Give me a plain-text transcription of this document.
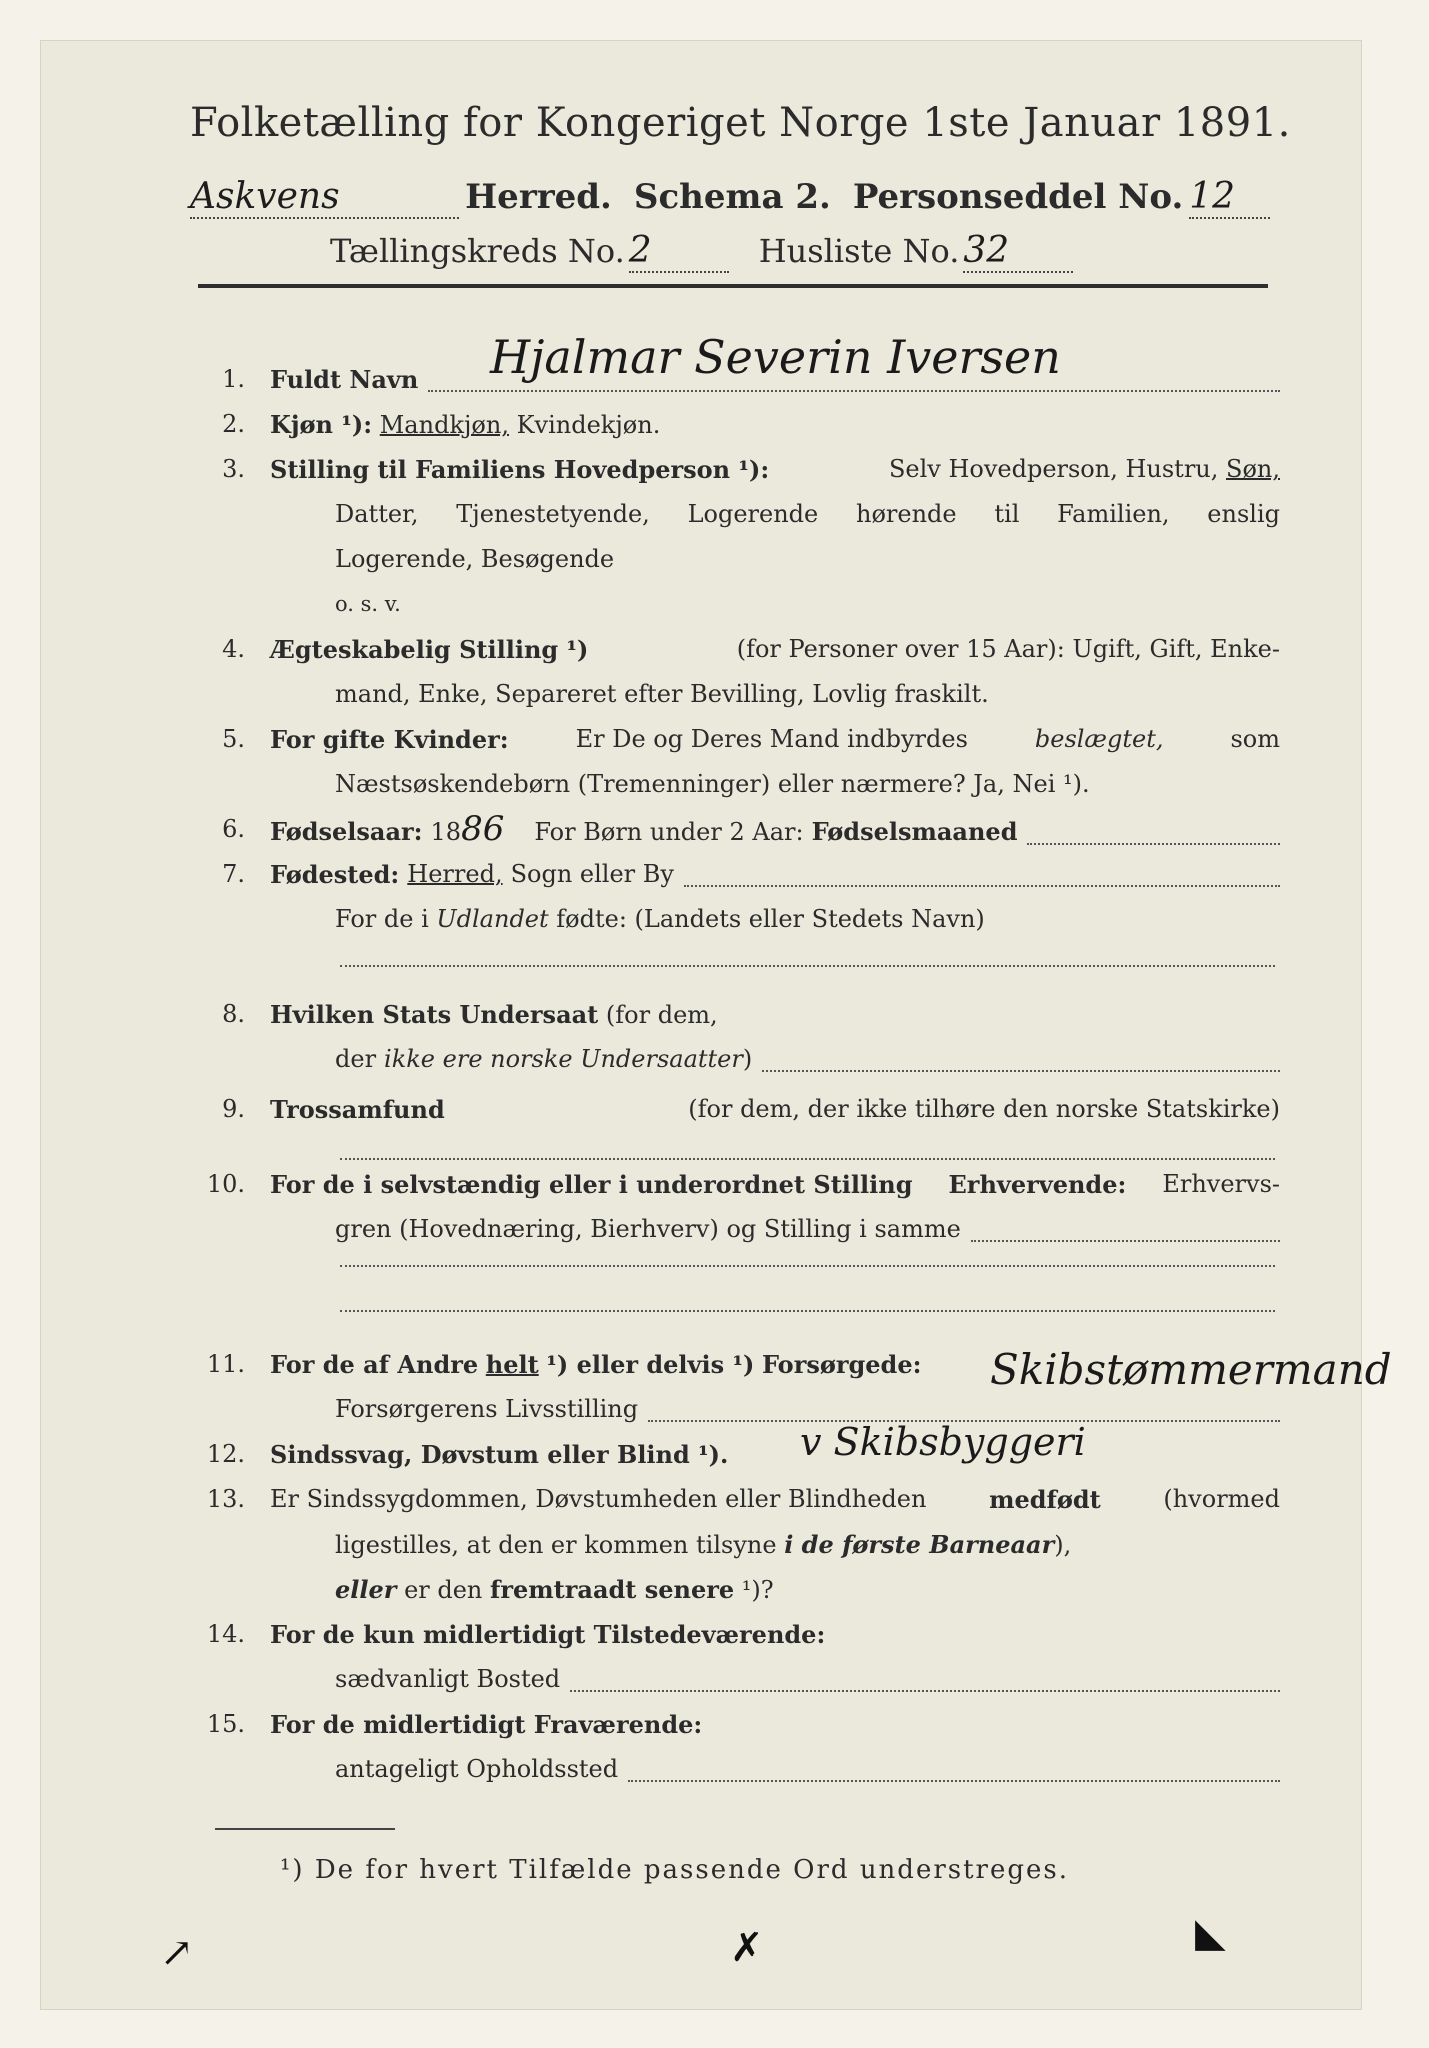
Folketælling for Kongeriget Norge 1ste Januar 1891.
Askvens	Herred. Schema 2. Personseddel No. 12
Tællingskreds No. 2	Husliste No. 32
1. Fuldt Navn Hjalmar Severin Iversen
2. Kjøn ¹): Mandkjøn, Kvindekjøn.
3. Stilling til Familiens Hovedperson ¹):	Selv Hovedperson, Hustru, Søn,
Datter, Tjenestetyende, Logerende hørende til Familien, enslig
Logerende, Besøgende
o. s. v.
4. Ægteskabelig Stilling ¹)	(for Personer over 15 Aar): Ugift, Gift, Enke-
mand, Enke, Separeret efter Bevilling, Lovlig fraskilt.
5. For gifte Kvinder:	Er De og Deres Mand indbyrdes	beslægtet,	som
Næstsøskendebørn (Tremenninger) eller nærmere? Ja, Nei ¹).
6. Fødselsaar: 18 86 For Børn under 2 Aar: Fødselsmaaned
7. Fødested: Herred, Sogn eller By
For de i Udlandet fødte: (Landets eller Stedets Navn)
8. Hvilken Stats Undersaat (for dem,
der ikke ere norske Undersaatter )
9. Trossamfund	(for dem, der ikke tilhøre den norske Statskirke)
10. For de i selvstændig eller i underordnet Stilling Erhvervende: Erhvervs-
gren (Hovednæring, Bierhverv) og Stilling i samme
11. For de af Andre helt ¹) eller delvis ¹) Forsørgede:
Forsørgerens Livsstilling
Skibstømmermand
12. Sindssvag, Døvstum eller Blind ¹).	v Skibsbyggeri
13. Er Sindssygdommen, Døvstumheden eller Blindheden	medfødt	(hvormed
ligestilles, at den er kommen tilsyne i de første Barneaar),
eller er den fremtraadt senere ¹)?
14. For de kun midlertidigt Tilstedeværende:
sædvanligt Bosted
15. For de midlertidigt Fraværende:
antageligt Opholdssted
¹) De for hvert Tilfælde passende Ord understreges.
↗	✗	◣
